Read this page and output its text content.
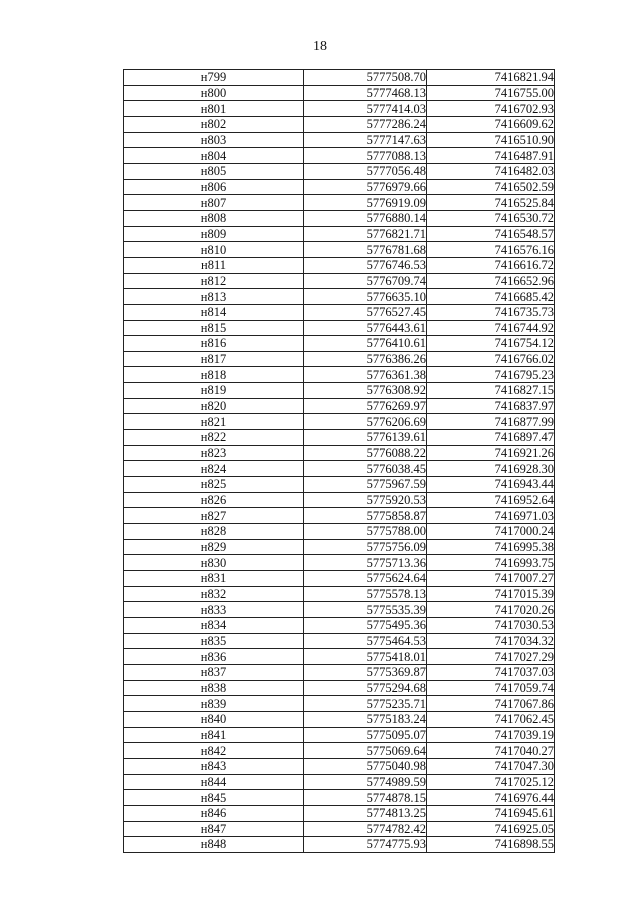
18
н799	5777508.70	7416821.94
н800	5777468.13	7416755.00
н801	5777414.03	7416702.93
н802	5777286.24	7416609.62
н803	5777147.63	7416510.90
н804	5777088.13	7416487.91
н805	5777056.48	7416482.03
н806	5776979.66	7416502.59
н807	5776919.09	7416525.84
н808	5776880.14	7416530.72
н809	5776821.71	7416548.57
н810	5776781.68	7416576.16
н811	5776746.53	7416616.72
н812	5776709.74	7416652.96
н813	5776635.10	7416685.42
н814	5776527.45	7416735.73
н815	5776443.61	7416744.92
н816	5776410.61	7416754.12
н817	5776386.26	7416766.02
н818	5776361.38	7416795.23
н819	5776308.92	7416827.15
н820	5776269.97	7416837.97
н821	5776206.69	7416877.99
н822	5776139.61	7416897.47
н823	5776088.22	7416921.26
н824	5776038.45	7416928.30
н825	5775967.59	7416943.44
н826	5775920.53	7416952.64
н827	5775858.87	7416971.03
н828	5775788.00	7417000.24
н829	5775756.09	7416995.38
н830	5775713.36	7416993.75
н831	5775624.64	7417007.27
н832	5775578.13	7417015.39
н833	5775535.39	7417020.26
н834	5775495.36	7417030.53
н835	5775464.53	7417034.32
н836	5775418.01	7417027.29
н837	5775369.87	7417037.03
н838	5775294.68	7417059.74
н839	5775235.71	7417067.86
н840	5775183.24	7417062.45
н841	5775095.07	7417039.19
н842	5775069.64	7417040.27
н843	5775040.98	7417047.30
н844	5774989.59	7417025.12
н845	5774878.15	7416976.44
н846	5774813.25	7416945.61
н847	5774782.42	7416925.05
н848	5774775.93	7416898.55
